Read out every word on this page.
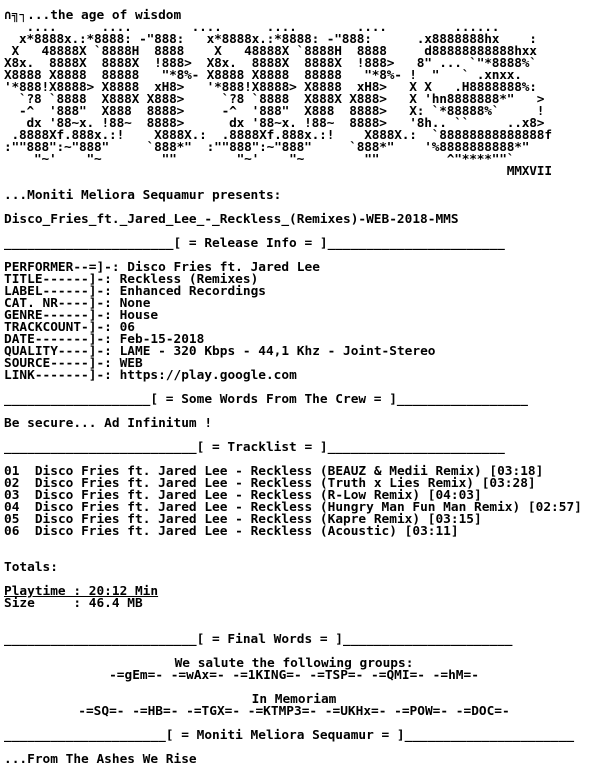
∩╗┐...the age of wisdom
....      ....        ....      ....        ....         ......
x*8888x.:*8888: -"888:   x*8888x.:*8888: -"888:      .x8888888hx    :
X   48888X `8888H  8888    X   48888X `8888H  8888     d88888888888hxx
X8x.  8888X  8888X  !888>  X8x.  8888X  8888X  !888>   8" ... `"*8888%`
X8888 X8888  88888   "*8%- X8888 X8888  88888   "*8%- !  "   ` .xnxx.
'*888!X8888> X8888  xH8>   '*888!X8888> X8888  xH8>   X X   .H8888888%:
`?8 `8888  X888X X888>     `?8 `8888  X888X X888>   X 'hn8888888*"   >
-^  '888"  X888  8888>     -^  '888"  X888  8888>   X: `*88888%`     !
dx '88~x. !88~  8888>      dx '88~x. !88~  8888>   '8h.. ``     ..x8>
.8888Xf.888x.:!    X888X.:  .8888Xf.888x.:!    X888X.:  `88888888888888f
:""888":~"888"     `888*"  :""888":~"888"     `888*"    '%8888888888*"
"~'    "~        ""        "~'    "~        ""         ^"****""`
MMXVII
...Moniti Meliora Sequamur presents:
Disco_Fries_ft._Jared_Lee_-_Reckless_(Remixes)-WEB-2018-MMS
______________________[ = Release Info = ]_______________________
PERFORMER--=]-: Disco Fries ft. Jared Lee
TITLE------]-: Reckless (Remixes)
LABEL------]-: Enhanced Recordings
CAT. NR----]-: None
GENRE------]-: House
TRACKCOUNT-]-: 06
DATE-------]-: Feb-15-2018
QUALITY----]-: LAME - 320 Kbps - 44,1 Khz - Joint-Stereo
SOURCE-----]-: WEB
LINK-------]-: https://play.google.com
___________________[ = Some Words From The Crew = ]_________________
Be secure... Ad Infinitum !
_________________________[ = Tracklist = ]_______________________
01 Disco Fries ft. Jared Lee - Reckless (BEAUZ & Medii Remix) [03:18]
02 Disco Fries ft. Jared Lee - Reckless (Truth x Lies Remix) [03:28]
03 Disco Fries ft. Jared Lee - Reckless (R-Low Remix) [04:03]
04 Disco Fries ft. Jared Lee - Reckless (Hungry Man Fun Man Remix) [02:57]
05 Disco Fries ft. Jared Lee - Reckless (Kapre Remix) [03:15]
06 Disco Fries ft. Jared Lee - Reckless (Acoustic) [03:11]
Totals:
Playtime : 20:12 Min
Size     : 46.4 MB
_________________________[ = Final Words = ]______________________
We salute the following groups:
-=gEm=- -=wAx=- -=1KING=- -=TSP=- -=QMI=- -=hM=-
In Memoriam
-=SQ=- -=HB=- -=TGX=- -=KTMP3=- -=UKHx=- -=POW=- -=DOC=-
_____________________[ = Moniti Meliora Sequamur = ]______________________
...From The Ashes We Rise
